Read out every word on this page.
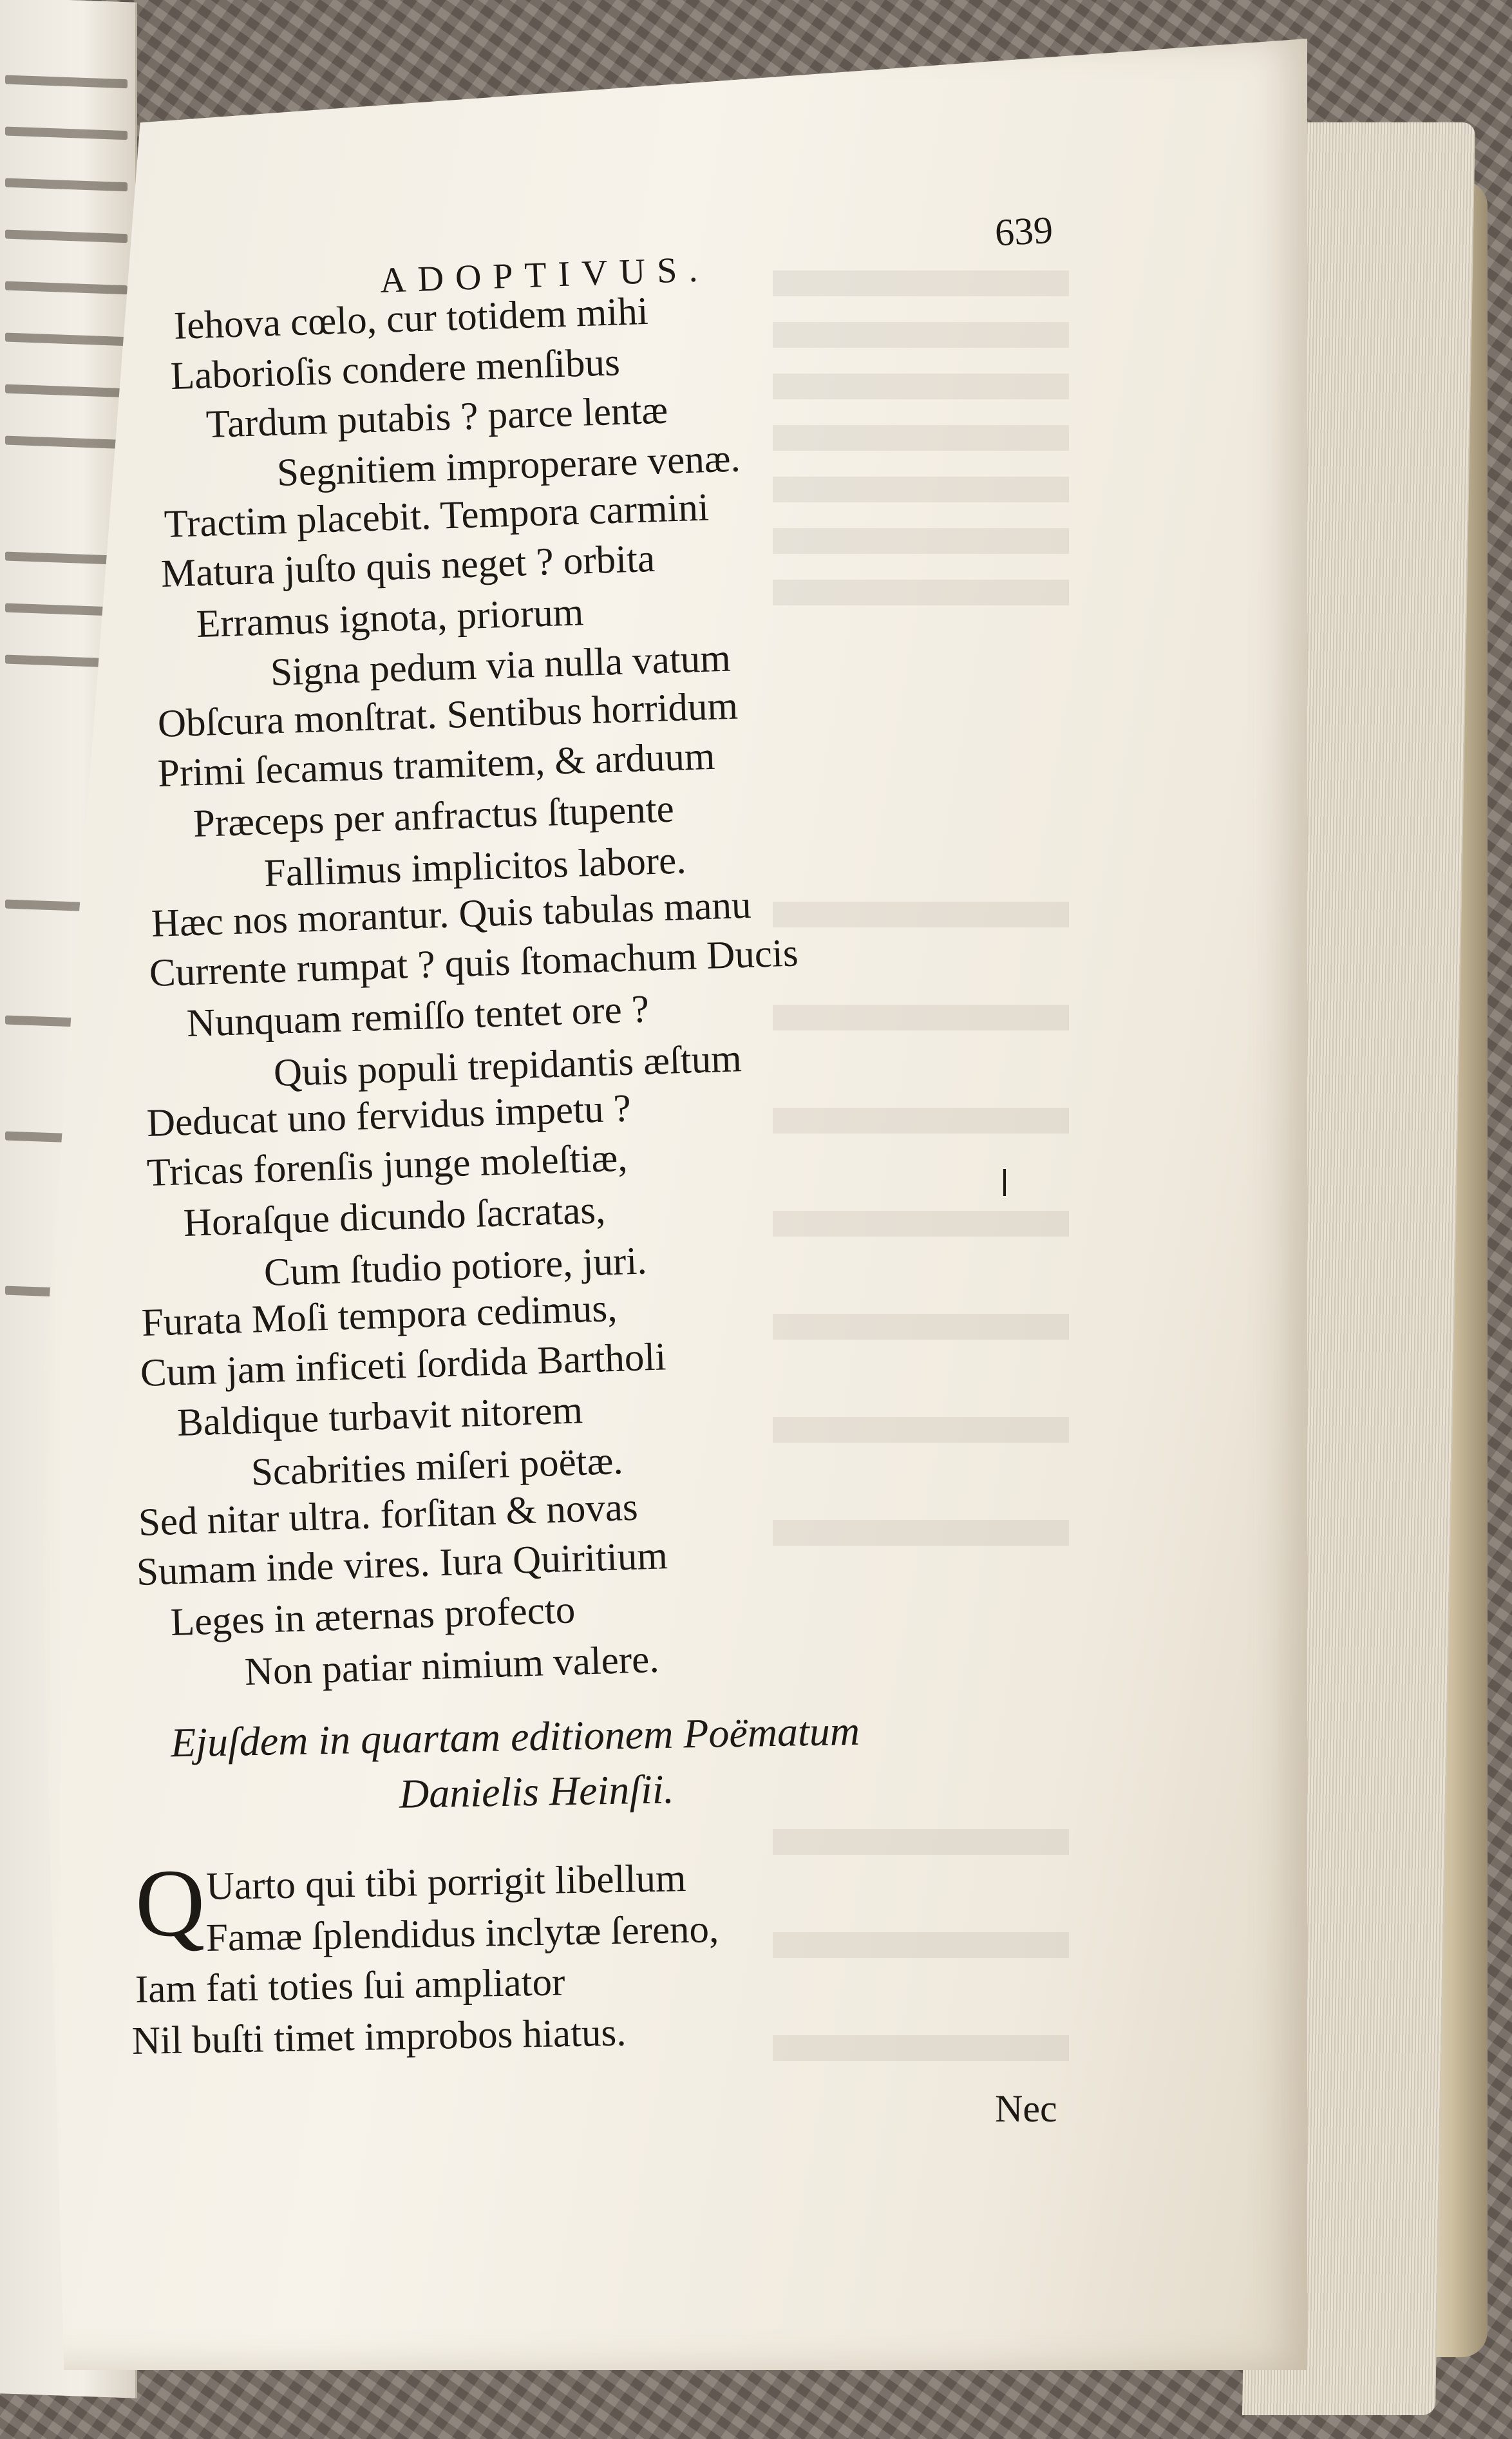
ADOPTIVUS.
639
Iehova cœlo, cur totidem mihi
Laborioſis condere menſibus
Tardum putabis ? parce lentæ
Segnitiem improperare venæ.
Tractim placebit. Tempora carmini
Matura juſto quis neget ? orbita
Erramus ignota, priorum
Signa pedum via nulla vatum
Obſcura monſtrat. Sentibus horridum
Primi ſecamus tramitem, & arduum
Præceps per anfractus ſtupente
Fallimus implicitos labore.
Hæc nos morantur. Quis tabulas manu
Currente rumpat ? quis ſtomachum Ducis
Nunquam remiſſo tentet ore ?
Quis populi trepidantis æſtum
Deducat uno fervidus impetu ?
Tricas forenſis junge moleſtiæ,
Horaſque dicundo ſacratas,
Cum ſtudio potiore, juri.
Furata Moſi tempora cedimus,
Cum jam inficeti ſordida Bartholi
Baldique turbavit nitorem
Scabrities miſeri poëtæ.
Sed nitar ultra. forſitan & novas
Sumam inde vires. Iura Quiritium
Leges in æternas profecto
Non patiar nimium valere.
Ejuſdem in quartam editionem Poëmatum
Danielis Heinſii.
Q Uarto qui tibi porrigit libellum
Famæ ſplendidus inclytæ ſereno,
Iam fati toties ſui ampliator
Nil buſti timet improbos hiatus.
Nec
